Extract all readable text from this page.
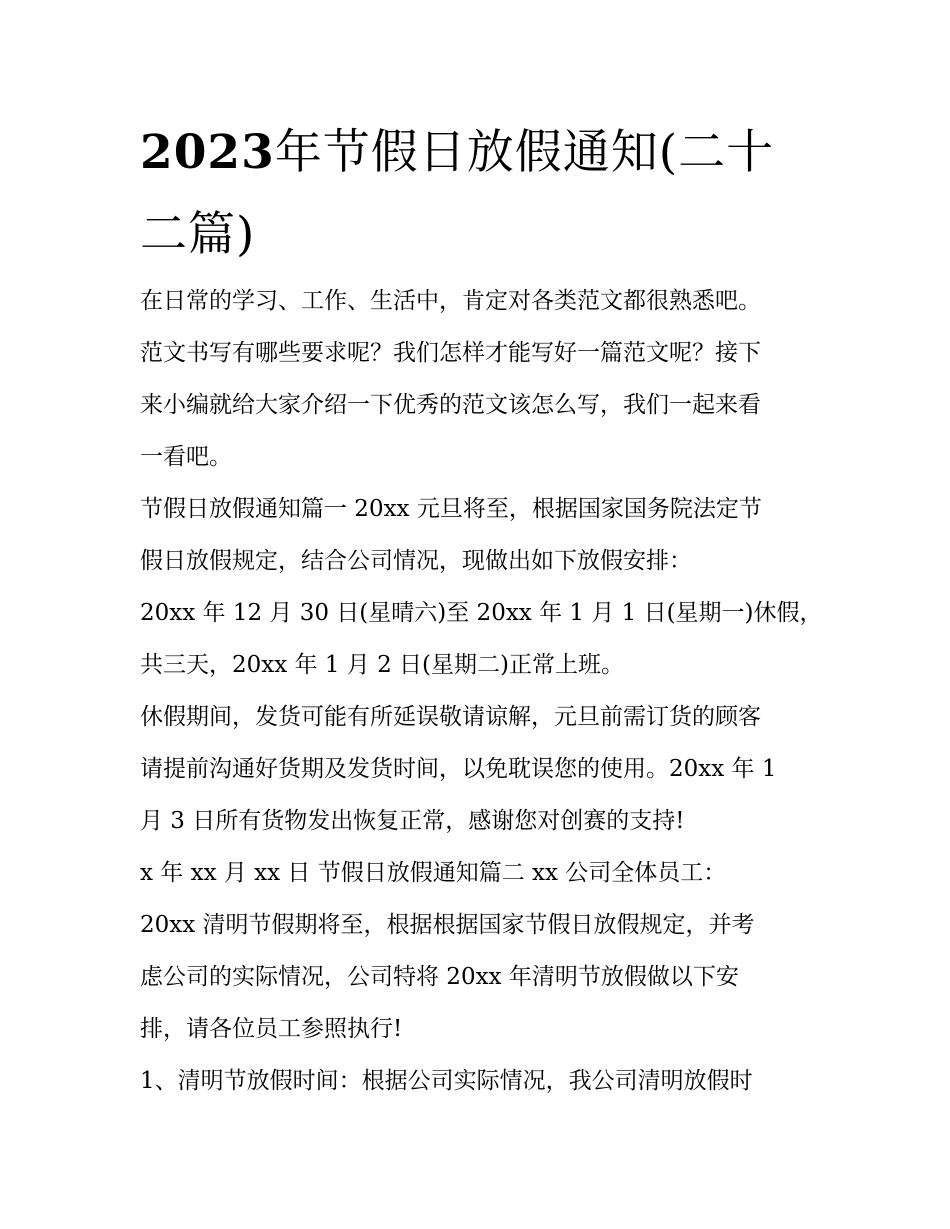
2023年节假日放假通知(二十二篇)
在日常的学习、工作、生活中，肯定对各类范文都很熟悉吧。
范文书写有哪些要求呢？我们怎样才能写好一篇范文呢？接下
来小编就给大家介绍一下优秀的范文该怎么写，我们一起来看
一看吧。
节假日放假通知篇一 20xx 元旦将至，根据国家国务院法定节
假日放假规定，结合公司情况，现做出如下放假安排：
20xx 年 12 月 30 日(星晴六)至 20xx 年 1 月 1 日(星期一)休假，
共三天，20xx 年 1 月 2 日(星期二)正常上班。
休假期间，发货可能有所延误敬请谅解，元旦前需订货的顾客
请提前沟通好货期及发货时间，以免耽误您的使用。20xx 年 1
月 3 日所有货物发出恢复正常，感谢您对创赛的支持!
x 年 xx 月 xx 日 节假日放假通知篇二 xx 公司全体员工：
20xx 清明节假期将至，根据根据国家节假日放假规定，并考
虑公司的实际情况，公司特将 20xx 年清明节放假做以下安
排，请各位员工参照执行!
1、清明节放假时间：根据公司实际情况，我公司清明放假时
